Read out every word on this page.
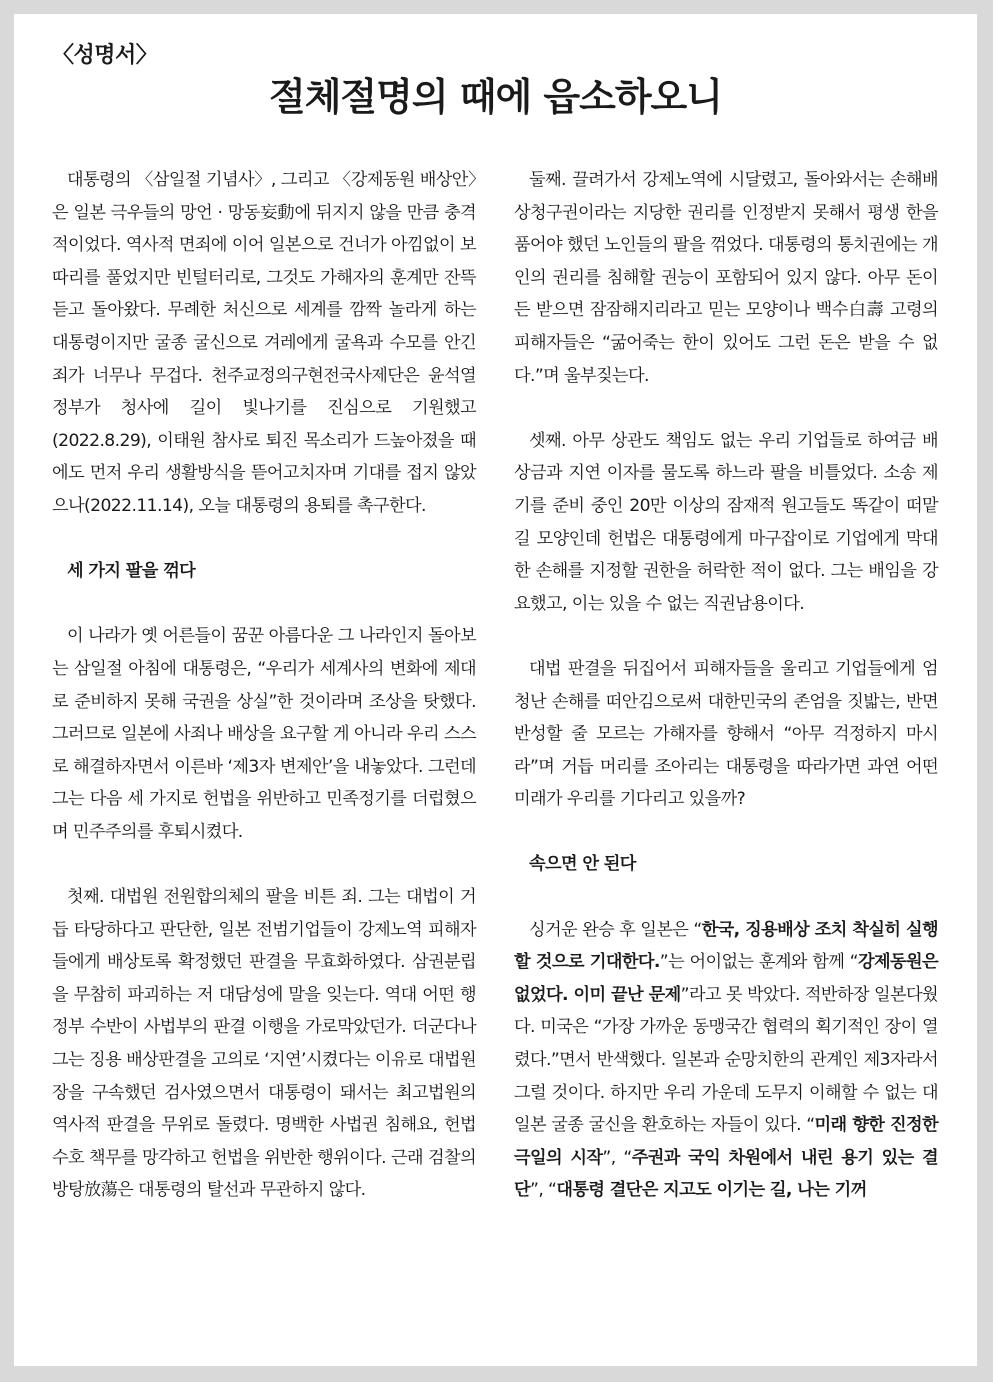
〈성명서〉
절체절명의 때에 읍소하오니

대통령의 〈삼일절 기념사〉, 그리고 〈강제동원 배상안〉은 일본 극우들의 망언 · 망동妄動에 뒤지지 않을 만큼 충격적이었다. 역사적 면죄에 이어 일본으로 건너가 아낌없이 보따리를 풀었지만 빈털터리로, 그것도 가해자의 훈계만 잔뜩 듣고 돌아왔다. 무례한 처신으로 세계를 깜짝 놀라게 하는 대통령이지만 굴종 굴신으로 겨레에게 굴욕과 수모를 안긴 죄가 너무나 무겁다. 천주교정의구현전국사제단은 윤석열 정부가 청사에 길이 빛나기를 진심으로 기원했고(2022.8.29), 이태원 참사로 퇴진 목소리가 드높아졌을 때에도 먼저 우리 생활방식을 뜯어고치자며 기대를 접지 않았으나(2022.11.14), 오늘 대통령의 용퇴를 촉구한다.

세 가지 팔을 꺾다

이 나라가 옛 어른들이 꿈꾼 아름다운 그 나라인지 돌아보는 삼일절 아침에 대통령은, “우리가 세계사의 변화에 제대로 준비하지 못해 국권을 상실”한 것이라며 조상을 탓했다. 그러므로 일본에 사죄나 배상을 요구할 게 아니라 우리 스스로 해결하자면서 이른바 ‘제3자 변제안’을 내놓았다. 그런데 그는 다음 세 가지로 헌법을 위반하고 민족정기를 더럽혔으며 민주주의를 후퇴시켰다.

첫째. 대법원 전원합의체의 팔을 비튼 죄. 그는 대법이 거듭 타당하다고 판단한, 일본 전범기업들이 강제노역 피해자들에게 배상토록 확정했던 판결을 무효화하였다. 삼권분립을 무참히 파괴하는 저 대담성에 말을 잊는다. 역대 어떤 행정부 수반이 사법부의 판결 이행을 가로막았던가. 더군다나 그는 징용 배상판결을 고의로 ‘지연’시켰다는 이유로 대법원장을 구속했던 검사였으면서 대통령이 돼서는 최고법원의 역사적 판결을 무위로 돌렸다. 명백한 사법권 침해요, 헌법 수호 책무를 망각하고 헌법을 위반한 행위이다. 근래 검찰의 방탕放蕩은 대통령의 탈선과 무관하지 않다.

둘째. 끌려가서 강제노역에 시달렸고, 돌아와서는 손해배상청구권이라는 지당한 권리를 인정받지 못해서 평생 한을 품어야 했던 노인들의 팔을 꺾었다. 대통령의 통치권에는 개인의 권리를 침해할 권능이 포함되어 있지 않다. 아무 돈이든 받으면 잠잠해지리라고 믿는 모양이나 백수白壽 고령의 피해자들은 “굶어죽는 한이 있어도 그런 돈은 받을 수 없다.”며 울부짖는다.

셋째. 아무 상관도 책임도 없는 우리 기업들로 하여금 배상금과 지연 이자를 물도록 하느라 팔을 비틀었다. 소송 제기를 준비 중인 20만 이상의 잠재적 원고들도 똑같이 떠맡길 모양인데 헌법은 대통령에게 마구잡이로 기업에게 막대한 손해를 지정할 권한을 허락한 적이 없다. 그는 배임을 강요했고, 이는 있을 수 없는 직권남용이다.

대법 판결을 뒤집어서 피해자들을 울리고 기업들에게 엄청난 손해를 떠안김으로써 대한민국의 존엄을 짓밟는, 반면 반성할 줄 모르는 가해자를 향해서 “아무 걱정하지 마시라”며 거듭 머리를 조아리는 대통령을 따라가면 과연 어떤 미래가 우리를 기다리고 있을까?

속으면 안 된다

싱거운 완승 후 일본은 “한국, 징용배상 조치 착실히 실행할 것으로 기대한다.”는 어이없는 훈계와 함께 “강제동원은 없었다. 이미 끝난 문제”라고 못 박았다. 적반하장 일본다웠다. 미국은 “가장 가까운 동맹국간 협력의 획기적인 장이 열렸다.”면서 반색했다. 일본과 순망치한의 관계인 제3자라서 그럴 것이다. 하지만 우리 가운데 도무지 이해할 수 없는 대일본 굴종 굴신을 환호하는 자들이 있다. “미래 향한 진정한 극일의 시작”, “주권과 국익 차원에서 내린 용기 있는 결단”, “대통령 결단은 지고도 이기는 길, 나는 기꺼
